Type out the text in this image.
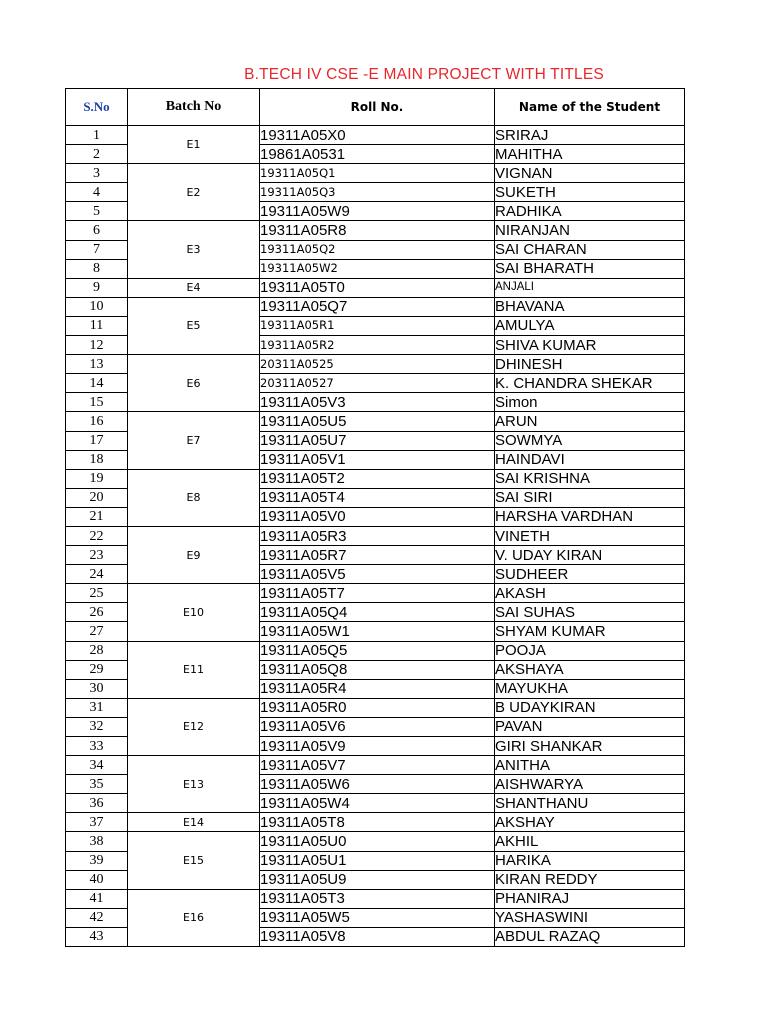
B.TECH IV CSE -E MAIN PROJECT WITH TITLES
S.No	Batch No	Roll No.	Name of the Student
1	E1	19311A05X0	SRIRAJ
2		19861A0531	MAHITHA
3	E2	19311A05Q1	VIGNAN
4		19311A05Q3	SUKETH
5		19311A05W9	RADHIKA
6	E3	19311A05R8	NIRANJAN
7		19311A05Q2	SAI CHARAN
8		19311A05W2	SAI BHARATH
9	E4	19311A05T0	ANJALI
10	E5	19311A05Q7	BHAVANA
11		19311A05R1	AMULYA
12		19311A05R2	SHIVA KUMAR
13	E6	20311A0525	DHINESH
14		20311A0527	K. CHANDRA SHEKAR
15		19311A05V3	Simon
16	E7	19311A05U5	ARUN
17		19311A05U7	SOWMYA
18		19311A05V1	HAINDAVI
19	E8	19311A05T2	SAI KRISHNA
20		19311A05T4	SAI SIRI
21		19311A05V0	HARSHA VARDHAN
22	E9	19311A05R3	VINETH
23		19311A05R7	V. UDAY KIRAN
24		19311A05V5	SUDHEER
25	E10	19311A05T7	AKASH
26		19311A05Q4	SAI SUHAS
27		19311A05W1	SHYAM KUMAR
28	E11	19311A05Q5	POOJA
29		19311A05Q8	AKSHAYA
30		19311A05R4	MAYUKHA
31	E12	19311A05R0	B UDAYKIRAN
32		19311A05V6	PAVAN
33		19311A05V9	GIRI SHANKAR
34	E13	19311A05V7	ANITHA
35		19311A05W6	AISHWARYA
36		19311A05W4	SHANTHANU
37	E14	19311A05T8	AKSHAY
38	E15	19311A05U0	AKHIL
39		19311A05U1	HARIKA
40		19311A05U9	KIRAN REDDY
41	E16	19311A05T3	PHANIRAJ
42		19311A05W5	YASHASWINI
43		19311A05V8	ABDUL RAZAQ
